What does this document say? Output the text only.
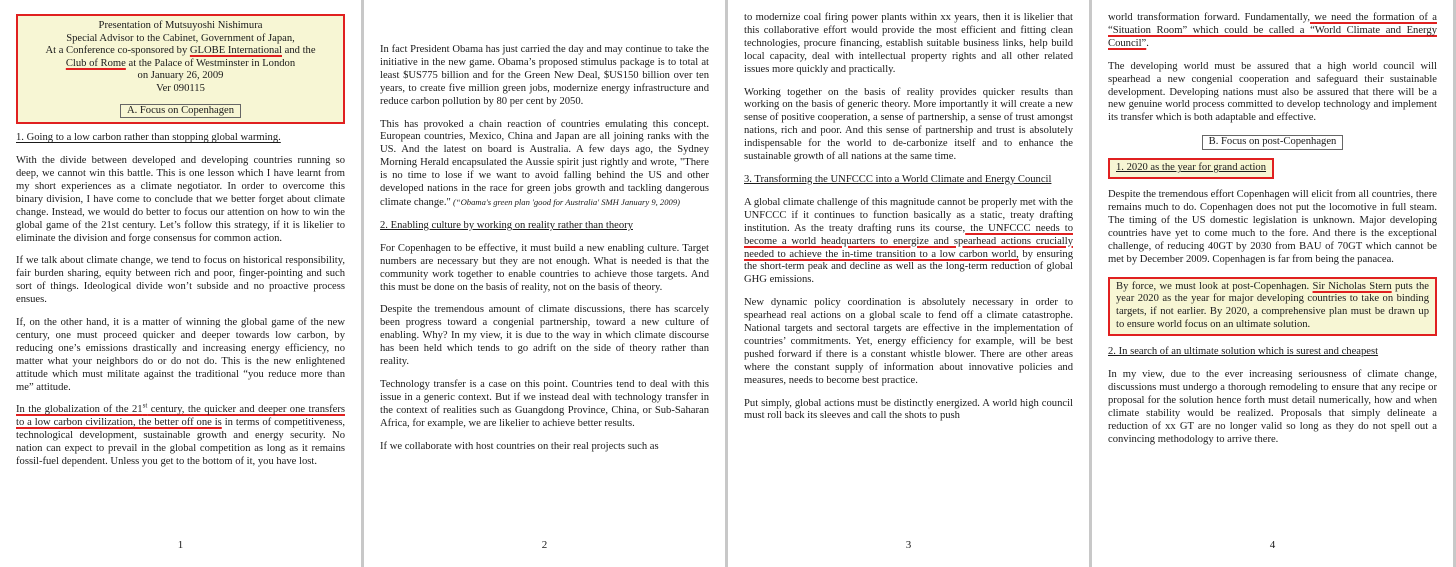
Presentation of Mutsuyoshi Nishimura
Special Advisor to the Cabinet, Government of Japan,
At a Conference co-sponsored by GLOBE International and the
Club of Rome at the Palace of Westminster in London
on January 26, 2009
Ver 090115
A. Focus on Copenhagen

1. Going to a low carbon rather than stopping global warming.

With the divide between developed and developing countries running so deep, we cannot win this battle. This is one lesson which I have learnt from my short experiences as a climate negotiator. In order to overcome this binary division, I have come to conclude that we better forget about climate change. Instead, we would do better to focus our attention on how to win the global game of the 21st century. Let’s follow this strategy, if it is likelier to eliminate the division and forge consensus for common action.

If we talk about climate change, we tend to focus on historical responsibility, fair burden sharing, equity between rich and poor, finger-pointing and such sort of things. Ideological divide won’t subside and no proactive process ensues.

If, on the other hand, it is a matter of winning the global game of the new century, one must proceed quicker and deeper towards low carbon, by reducing one’s emissions drastically and increasing energy efficiency, no matter what your neighbors do or do not do. This is the new enlightened attitude which must militate against the traditional “you reduce more than me” attitude.

In the globalization of the 21st century, the quicker and deeper one transfers to a low carbon civilization, the better off one is in terms of competitiveness, technological development, sustainable growth and energy security. No nation can expect to prevail in the global competition as long as it remains fossil-fuel dependent. Unless you get to the bottom of it, you have lost.

1

In fact President Obama has just carried the day and may continue to take the initiative in the new game. Obama’s proposed stimulus package is to total at least $US775 billion and for the Green New Deal, $US150 billion over ten years, to create five million green jobs, modernize energy infrastructure and reduce carbon pollution by 80 per cent by 2050.

This has provoked a chain reaction of countries emulating this concept. European countries, Mexico, China and Japan are all joining ranks with the US. And the latest on board is Australia. A few days ago, the Sydney Morning Herald encapsulated the Aussie spirit just rightly and wrote, "There is no time to lose if we want to avoid falling behind the US and other developed nations in the race for green jobs growth and tackling dangerous climate change." (“Obama's green plan 'good for Australia' SMH January 9, 2009)

2. Enabling culture by working on reality rather than theory

For Copenhagen to be effective, it must build a new enabling culture. Target numbers are necessary but they are not enough. What is needed is that the community work together to enable countries to achieve those targets. And this must be done on the basis of reality, not on the basis of theory.

Despite the tremendous amount of climate discussions, there has scarcely been progress toward a congenial partnership, toward a new culture of enabling. Why? In my view, it is due to the way in which climate discourse has been held which tends to go adrift on the side of theory rather than reality.

Technology transfer is a case on this point. Countries tend to deal with this issue in a generic context. But if we instead deal with technology transfer in the context of realities such as Guangdong Province, China, or Sub-Saharan Africa, for example, we are likelier to achieve better results.

If we collaborate with host countries on their real projects such as

2

to modernize coal firing power plants within xx years, then it is likelier that this collaborative effort would provide the most efficient and fitting clean technologies, procure financing, establish suitable business links, help build local capacity, deal with intellectual property rights and all other related issues more quickly and practically.

Working together on the basis of reality provides quicker results than working on the basis of generic theory. More importantly it will create a new sense of positive cooperation, a sense of partnership, a sense of trust amongst nations, rich and poor. And this sense of partnership and trust is absolutely indispensable for the world to de-carbonize itself and to enhance the sustainable growth of all nations at the same time.

3. Transforming the UNFCCC into a World Climate and Energy Council

A global climate challenge of this magnitude cannot be properly met with the UNFCCC if it continues to function basically as a static, treaty drafting institution. As the treaty drafting runs its course, the UNFCCC needs to become a world headquarters to energize and spearhead actions crucially needed to achieve the in-time transition to a low carbon world, by ensuring the short-term peak and decline as well as the long-term reduction of global GHG emissions.

New dynamic policy coordination is absolutely necessary in order to spearhead real actions on a global scale to fend off a climate catastrophe. National targets and sectoral targets are effective in the implementation of countries’ commitments. Yet, energy efficiency for example, will be best pushed forward if there is a constant whistle blower. There are other areas where the constant supply of information about innovative policies and measures, needs to become best practice.

Put simply, global actions must be distinctly energized. A world high council must roll back its sleeves and call the shots to push

3

world transformation forward. Fundamentally, we need the formation of a “Situation Room” which could be called a “World Climate and Energy Council”.

The developing world must be assured that a high world council will spearhead a new congenial cooperation and safeguard their sustainable development. Developing nations must also be assured that there will be a new genuine world process committed to develop technology and implement its transfer which is both adaptable and effective.

B. Focus on post-Copenhagen
1. 2020 as the year for grand action

Despite the tremendous effort Copenhagen will elicit from all countries, there remains much to do. Copenhagen does not put the locomotive in full steam. The timing of the US domestic legislation is unknown. Major developing countries have yet to come much to the fore. And there is the exceptional challenge, of reducing 40GT by 2030 from BAU of 70GT which cannot be met by December 2009. Copenhagen is far from being the panacea.

By force, we must look at post-Copenhagen. Sir Nicholas Stern puts the year 2020 as the year for major developing countries to take on binding targets, if not earlier. By 2020, a comprehensive plan must be drawn up to ensure world focus on an ultimate solution.

2. In search of an ultimate solution which is surest and cheapest

In my view, due to the ever increasing seriousness of climate change, discussions must undergo a thorough remodeling to ensure that any recipe or proposal for the solution hence forth must detail numerically, how and when climate stability would be realized. Proposals that simply delineate a reduction of xx GT are no longer valid so long as they do not spell out a convincing methodology to arrive there.

4
